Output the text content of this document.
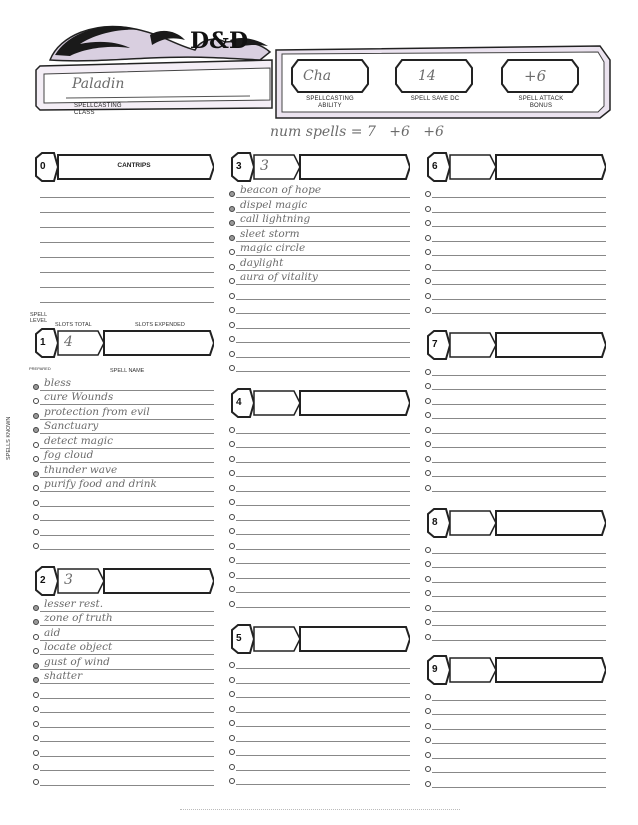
D&D
Paladin
SPELLCASTING CLASS
Cha
SPELLCASTING ABILITY
14
SPELL SAVE DC
+6
SPELL ATTACK BONUS
num spells = 7   +6   +6
SPELL LEVEL
SLOTS TOTAL	SLOTS EXPENDED
SPELL NAME
PREPARED
SPELLS KNOWN
0	CANTRIPS
1 4
bless
cure Wounds
protection from evil
Sanctuary
detect magic
fog cloud
thunder wave
purify food and drink
2 3
lesser rest.
zone of truth
aid
locate object
gust of wind
shatter
3 3
beacon of hope
dispel magic
call lightning
sleet storm
magic circle
daylight
aura of vitality
4
5
6
7
8
9
